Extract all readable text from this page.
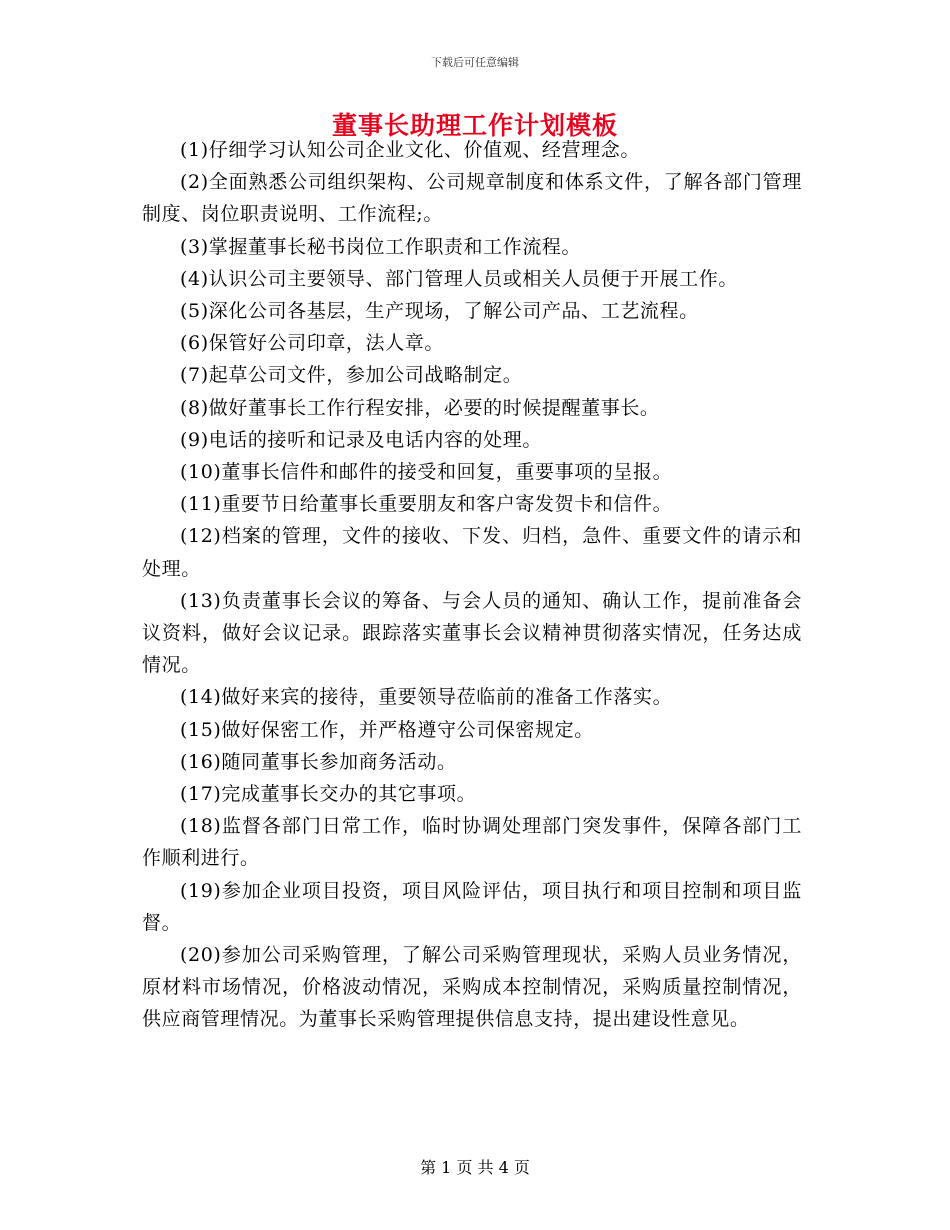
下载后可任意编辑
董事长助理工作计划模板

(1)仔细学习认知公司企业文化、价值观、经营理念。

(2)全面熟悉公司组织架构、公司规章制度和体系文件，了解各部门管理制度、岗位职责说明、工作流程;。

(3)掌握董事长秘书岗位工作职责和工作流程。

(4)认识公司主要领导、部门管理人员或相关人员便于开展工作。

(5)深化公司各基层，生产现场，了解公司产品、工艺流程。

(6)保管好公司印章，法人章。

(7)起草公司文件，参加公司战略制定。

(8)做好董事长工作行程安排，必要的时候提醒董事长。

(9)电话的接听和记录及电话内容的处理。

(10)董事长信件和邮件的接受和回复，重要事项的呈报。

(11)重要节日给董事长重要朋友和客户寄发贺卡和信件。

(12)档案的管理，文件的接收、下发、归档，急件、重要文件的请示和处理。

(13)负责董事长会议的筹备、与会人员的通知、确认工作，提前准备会议资料，做好会议记录。跟踪落实董事长会议精神贯彻落实情况，任务达成情况。

(14)做好来宾的接待，重要领导莅临前的准备工作落实。

(15)做好保密工作，并严格遵守公司保密规定。

(16)随同董事长参加商务活动。

(17)完成董事长交办的其它事项。

(18)监督各部门日常工作，临时协调处理部门突发事件，保障各部门工作顺利进行。

(19)参加企业项目投资，项目风险评估，项目执行和项目控制和项目监督。

(20)参加公司采购管理，了解公司采购管理现状，采购人员业务情况，原材料市场情况，价格波动情况，采购成本控制情况，采购质量控制情况，供应商管理情况。为董事长采购管理提供信息支持，提出建设性意见。

第 1 页 共 4 页
